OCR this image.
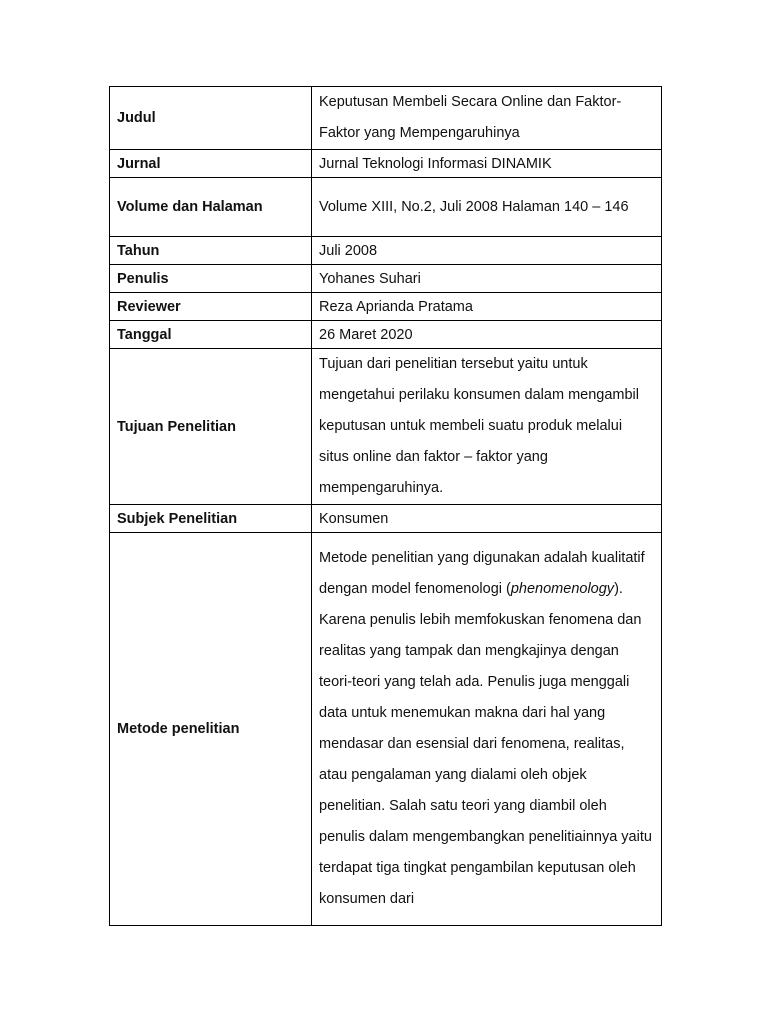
Judul	Keputusan Membeli Secara Online dan Faktor-Faktor yang Mempengaruhinya
Jurnal	Jurnal Teknologi Informasi DINAMIK
Volume dan Halaman	Volume XIII, No.2, Juli 2008 Halaman 140 – 146
Tahun	Juli 2008
Penulis	Yohanes Suhari
Reviewer	Reza Aprianda Pratama
Tanggal	26 Maret 2020
Tujuan Penelitian	Tujuan dari penelitian tersebut yaitu untuk mengetahui perilaku konsumen dalam mengambil keputusan untuk membeli suatu produk melalui situs online dan faktor – faktor yang mempengaruhinya.
Subjek Penelitian	Konsumen
Metode penelitian	Metode penelitian yang digunakan adalah kualitatif dengan model fenomenologi (phenomenology). Karena penulis lebih memfokuskan fenomena dan realitas yang tampak dan mengkajinya dengan teori-teori yang telah ada. Penulis juga menggali data untuk menemukan makna dari hal yang mendasar dan esensial dari fenomena, realitas, atau pengalaman yang dialami oleh objek penelitian. Salah satu teori yang diambil oleh penulis dalam mengembangkan penelitiainnya yaitu terdapat tiga tingkat pengambilan keputusan oleh konsumen dari
